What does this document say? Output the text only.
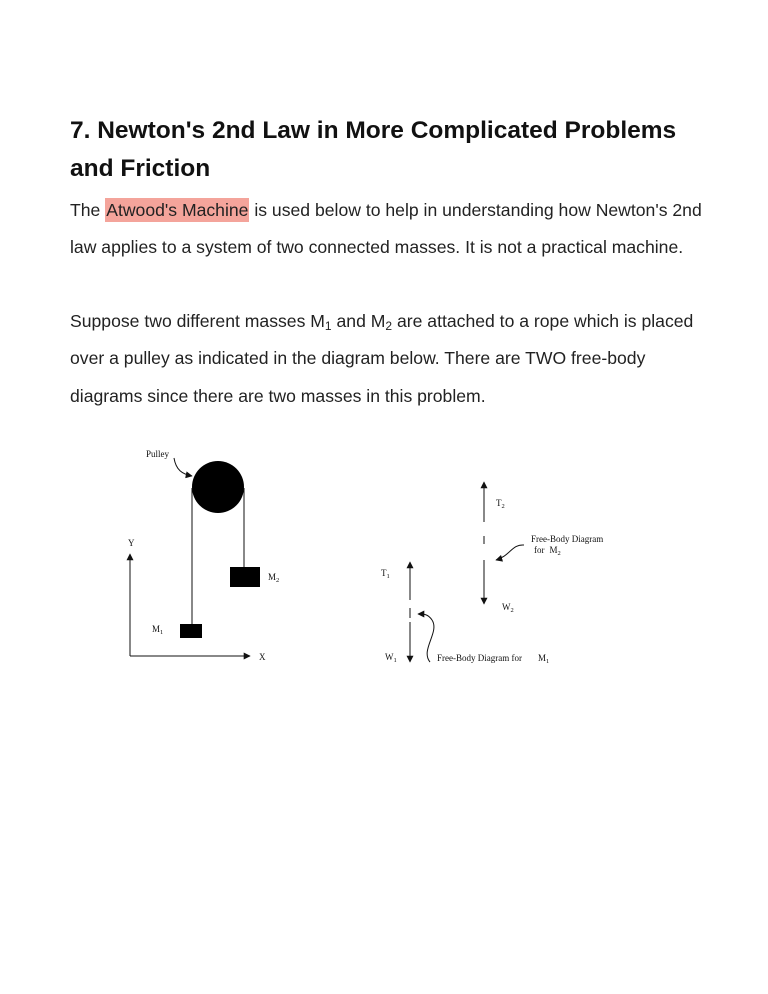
7. Newton's 2nd Law in More Complicated Problems and Friction

The Atwood's Machine is used below to help in understanding how Newton's 2nd law applies to a system of two connected masses. It is not a practical machine.

Suppose two different masses $M_1$ and $M_2$ are attached to a rope which is placed over a pulley as indicated in the diagram below. There are TWO free-body diagrams since there are two masses in this problem.

Pulley
$M_2$
$M_1$
Y
X
$T_2$
$W_2$
Free-Body Diagram
for $M_2$
$T_1$
$W_1$	Free-Body Diagram for $M_1$
